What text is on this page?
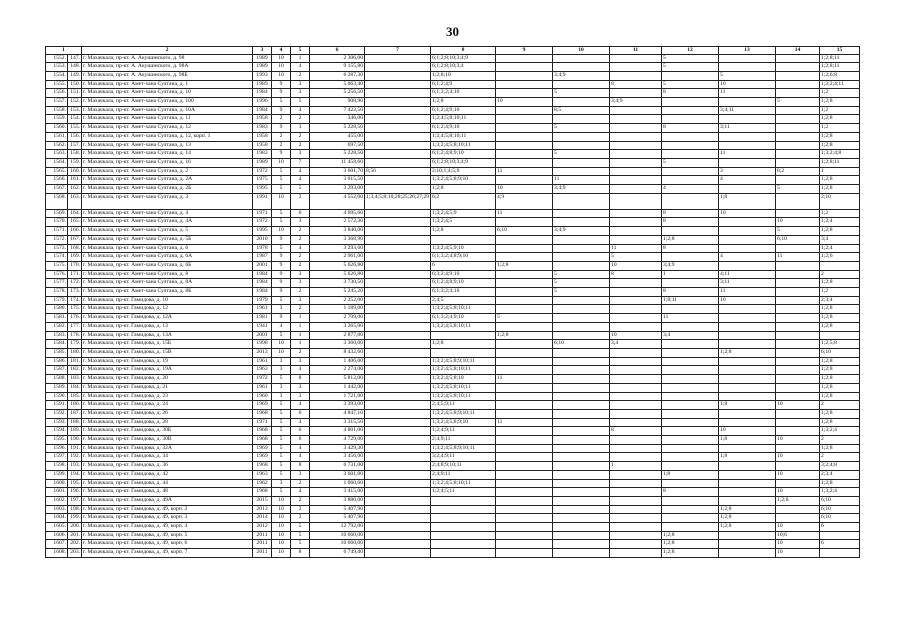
30
1		2	3	4	5	6	7	8	9	10	11	12	13	14	15
1552.	147.	г. Махачкала, пр-кт. А. Акушинского, д. 98	1989	10	1	2 306,00		6;1;2;8;10;3;4;9				5			1;2;8;11
1553.	148.	г. Махачкала, пр-кт. А. Акушинского, д. 98А	1989	10	4	9 155,80		6;1;2;8;10;3;4				5			1;2;8;11
1554.	149.	г. Махачкала, пр-кт. А. Акушинского, д. 98Б	1993	10	2	6 287,30		1;2;8;10		3;4;9			5		1;2;6;8
1555.	150.	г. Махачкала, пр-кт. Амет-хана Султана, д. 1	1989	9	3	5 063,40		6;1;2;4;9			8	5	10		1;3;2;4;11
1556.	151.	г. Махачкала, пр-кт. Амет-хана Султана, д. 10	1984	9	3	5 256,50		6;1;3;2;4;10		5		8	11		1;2
1557.	152.	г. Махачкала, пр-кт. Амет-хана Султана, д. 100	1996	5	5	908,90		1;2;8	10		3;4;9			5	1;2;8
1558.	153.	г. Махачкала, пр-кт. Амет-хана Султана, д. 10А	1984	9	4	7 422,50		6;1;2;4;9;10		8;5			3;4;11		1;2
1559.	154.	г. Махачкала, пр-кт. Амет-хана Султана, д. 11	1958	2	2	346,00		1;2;4;5;8;10;11							1;2;8
1560.	155.	г. Махачкала, пр-кт. Амет-хана Султана, д. 12	1983	9	3	5 228,50		6;1;2;4;9;10		5		8	3;11		1;2
1561.	156.	г. Махачкала, пр-кт. Амет-хана Султана, д. 12, корп. 1	1958	2	2	455,00		1;2;4;5;8;10;11							1;2;8
1562.	157.	г. Махачкала, пр-кт. Амет-хана Султана, д. 13	1958	2	2	697,50		1;3;2;4;5;8;10;11							1;2;8
1563.	158.	г. Махачкала, пр-кт. Амет-хана Султана, д. 14	1983	9	3	5 228,50		6;1;2;4;8;9;10		5			11		1;3;2;4;8
1564.	159.	г. Махачкала, пр-кт. Амет-хана Султана, д. 16	1989	10	7	11 458,60		6;1;2;8;10;3;4;9				5			1;2;8;11
1565.	160.	г. Махачкала, пр-кт. Амет-хана Султана, д. 2	1972	5	4	3 601,70	8;56	2;10;1;4;5;9	11				3	8;2	1
1566.	161.	г. Махачкала, пр-кт. Амет-хана Султана, д. 2А	1975	5	4	3 015,50		1;3;2;4;5;8;9;10		11			4		1;2;8
1567.	162.	г. Махачкала, пр-кт. Амет-хана Султана, д. 2Б	1995	5	5	3 293,00		1;2;8	10	3;4;9		4		5	1;2;8
1568.	163.	г. Махачкала, пр-кт. Амет-хана Султана, д. 3	1991	10	2	4 552,00	1;3;4;5;8;10;28;25;26;27;29	6;2	4;9				1;8		2;10
1569.	164.	г. Махачкала, пр-кт. Амет-хана Султана, д. 4	1971	5	6	4 695,60		1;3;2;4;5;9	11			8	10		1;2
1570.	165.	г. Махачкала, пр-кт. Амет-хана Султана, д. 4А	1972	5	3	2 572,30		1;3;2;4;5				8		10	1;2;4
1571.	166.	г. Махачкала, пр-кт. Амет-хана Султана, д. 5	1995	10	2	3 840,00		1;2;8	6;10	3;4;9				5	1;2;8
1572.	167.	г. Махачкала, пр-кт. Амет-хана Султана, д. 5Б	2010	9	2	3 368,90						1;2;8		6;10	3;4
1573.	168.	г. Махачкала, пр-кт. Амет-хана Султана, д. 6	1978	5	4	3 293,60		1;3;2;4;5;9;10			11	8			1;2;4
1574.	169.	г. Махачкала, пр-кт. Амет-хана Султана, д. 6А	1987	9	2	2 961,00		6;1;3;2;4;8;9;10			5		4	11	1;2;6
1575.	170.	г. Махачкала, пр-кт. Амет-хана Султана, д. 6Б	2001	9	2	5 626,80		6	1;2;8		10	3;4;9			
1576.	171.	г. Махачкала, пр-кт. Амет-хана Султана, д. 8	1984	9	3	5 626,80		6;3;2;4;9;10		5	8	1	4;11		2
1577.	172.	г. Махачкала, пр-кт. Амет-хана Султана, д. 8А	1984	9	3	3 730,50		6;1;2;4;8;9;10		5			3;11		1;2;8
1578.	173.	г. Махачкала, пр-кт. Амет-хана Султана, д. 8Б	1984	9	2	5 245,20		6;1;3;2;4;10		5		8	11		1;2
1579.	174.	г. Махачкала, пр-кт. Гамидова, д. 10	1979	5	3	2 252,00		2;4;5				1;8;11	10		2;3;4
1580.	175.	г. Махачкала, пр-кт. Гамидова, д. 12	1961	3	2	1 189,00		1;3;2;4;5;8;10;11							1;2;8
1581.	176.	г. Махачкала, пр-кт. Гамидова, д. 12А	1981	9	1	2 709,00		6;1;3;2;4;9;10	5			11			1;2;8
1582.	177.	г. Махачкала, пр-кт. Гамидова, д. 13	1941	4	1	3 265,00		1;3;2;4;5;8;10;11							1;2;8
1583.	178.	г. Махачкала, пр-кт. Гамидова, д. 13А	2001	5	1	2 877,00			1;2;8		10	3;4			
1584.	179.	г. Махачкала, пр-кт. Гамидова, д. 15Б	1998	10	1	3 360,00		1;2;8		6;10	3;4				1;2;5;8
1585.	180.	г. Махачкала, пр-кт. Гамидова, д. 15В	2013	10	2	8 432,60							1;2;8		6;10
1586.	181.	г. Махачкала, пр-кт. Гамидова, д. 19	1961	3	3	1 406,00		1;3;2;4;5;8;9;10;11							1;2;8
1587.	182.	г. Махачкала, пр-кт. Гамидова, д. 19А	1963	3	4	2 274,00		1;3;2;4;5;8;10;11							1;2;8
1588.	183.	г. Махачкала, пр-кт. Гамидова, д. 20	1972	5	8	5 812,00		1;3;2;4;5;8;10	11						1;2;8
1589.	184.	г. Махачкала, пр-кт. Гамидова, д. 21	1961	3	3	1 442,00		1;3;2;4;5;8;10;11							1;2;8
1590.	185.	г. Махачкала, пр-кт. Гамидова, д. 23	1960	3	3	1 721,00		1;3;2;4;5;8;10;11							1;2;8
1591.	186.	г. Махачкала, пр-кт. Гамидова, д. 24	1969	5	4	3 393,00		2;4;5;9;11					1;8	10	2
1592.	187.	г. Махачкала, пр-кт. Гамидова, д. 26	1968	5	6	4 847,10		1;3;2;4;5;8;9;10;11							1;2;8
1593.	188.	г. Махачкала, пр-кт. Гамидова, д. 28	1971	5	4	3 315,50		1;3;2;4;5;8;9;10	11						1;2;8
1594.	189.	г. Махачкала, пр-кт. Гамидова, д. 30Б	1968	5	6	4 801,00		1;2;4;9;11			8		10		1;3;2;4
1595.	190.	г. Махачкала, пр-кт. Гамидова, д. 30В	1968	5	6	4 729,00		2;4;9;11					1;8	10	2
1596.	191.	г. Махачкала, пр-кт. Гамидова, д. 32А	1969	5	4	3 429,30		1;3;2;4;5;8;9;10;11							1;2;8
1597.	192.	г. Махачкала, пр-кт. Гамидова, д. 34	1969	5	4	3 456,00		3;2;4;9;11					1;8	10	2
1598.	193.	г. Махачкала, пр-кт. Гамидова, д. 36	1968	5	8	6 731,00		2;4;8;9;10;11			1				3;2;4;8
1599.	194.	г. Махачкала, пр-кт. Гамидова, д. 42	1963	5	3	3 601,00		2;4;9;11				1;8		10	2;3;4
1600.	195.	г. Махачкала, пр-кт. Гамидова, д. 44	1962	3	2	1 060,60		1;3;2;4;5;8;10;11							1;2;8
1601.	196.	г. Махачкала, пр-кт. Гамидова, д. 48	1968	5	4	3 415,00		1;2;4;5;11				8		10	1;3;2;4
1602.	197.	г. Махачкала, пр-кт. Гамидова, д. 49А	2015	10	2	3 880,00								1;2;8	6;10
1603.	198.	г. Махачкала, пр-кт. Гамидова, д. 49, корп. 2	2013	10	2	5 407,90							1;2;8		6;10
1604.	199.	г. Махачкала, пр-кт. Гамидова, д. 49, корп. 3	2014	10	2	5 407,90							1;2;8		6;10
1605.	200.	г. Махачкала, пр-кт. Гамидова, д. 49, корп. 4	2012	10	5	12 792,00							1;2;8	10	6
1606.	201.	г. Махачкала, пр-кт. Гамидова, д. 49, корп. 5	2011	10	5	10 660,00						1;2;8		10;6	
1607.	202.	г. Махачкала, пр-кт. Гамидова, д. 49, корп. 6	2011	10	5	10 660,00						1;2;8		10	6
1608.	203.	г. Махачкала, пр-кт. Гамидова, д. 49, корп. 7	2011	10	8	6 749,40						1;2;8		10	
